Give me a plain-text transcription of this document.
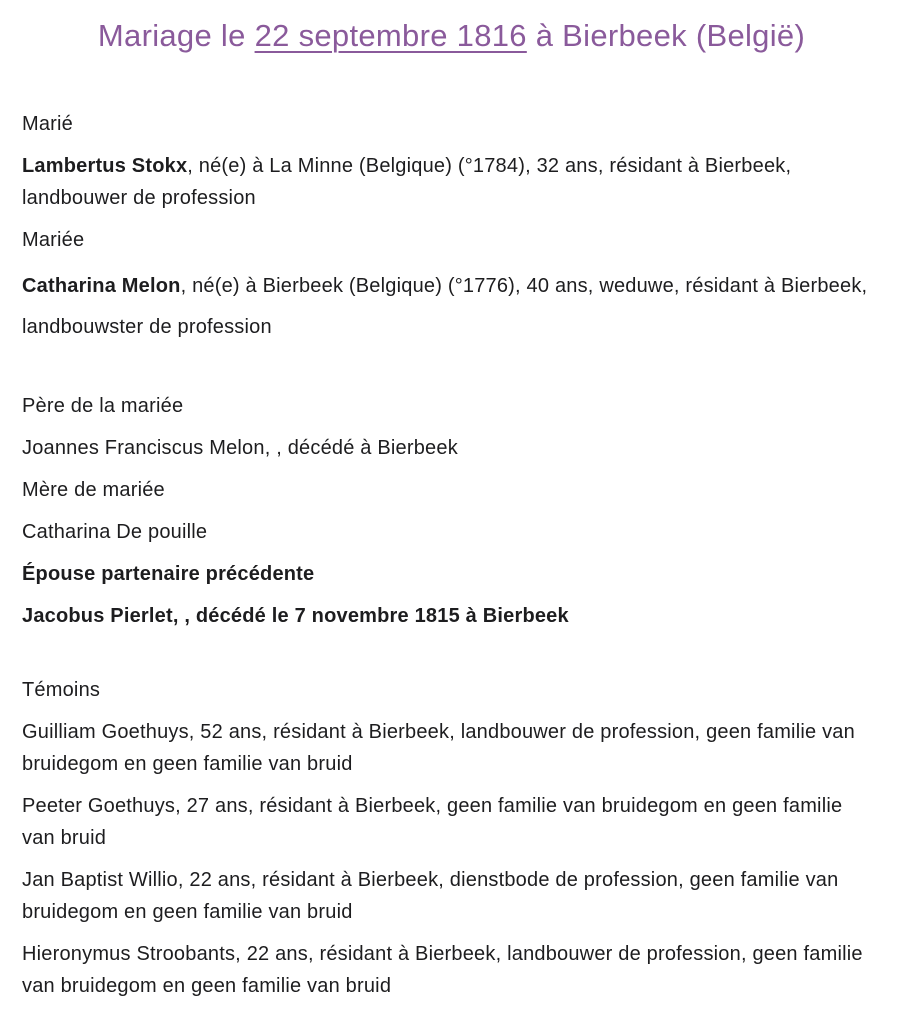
Mariage le 22 septembre 1816 à Bierbeek (België)

Marié

Lambertus Stokx, né(e) à La Minne (Belgique) (°1784), 32 ans, résidant à Bierbeek, landbouwer de profession

Mariée

Catharina Melon, né(e) à Bierbeek (Belgique) (°1776), 40 ans, weduwe, résidant à Bierbeek, landbouwster de profession

Père de la mariée

Joannes Franciscus Melon, , décédé à Bierbeek

Mère de mariée

Catharina De pouille

Épouse partenaire précédente

Jacobus Pierlet, , décédé le 7 novembre 1815 à Bierbeek

Témoins

Guilliam Goethuys, 52 ans, résidant à Bierbeek, landbouwer de profession, geen familie van bruidegom en geen familie van bruid

Peeter Goethuys, 27 ans, résidant à Bierbeek, geen familie van bruidegom en geen familie van bruid

Jan Baptist Willio, 22 ans, résidant à Bierbeek, dienstbode de profession, geen familie van bruidegom en geen familie van bruid

Hieronymus Stroobants, 22 ans, résidant à Bierbeek, landbouwer de profession, geen familie van bruidegom en geen familie van bruid
